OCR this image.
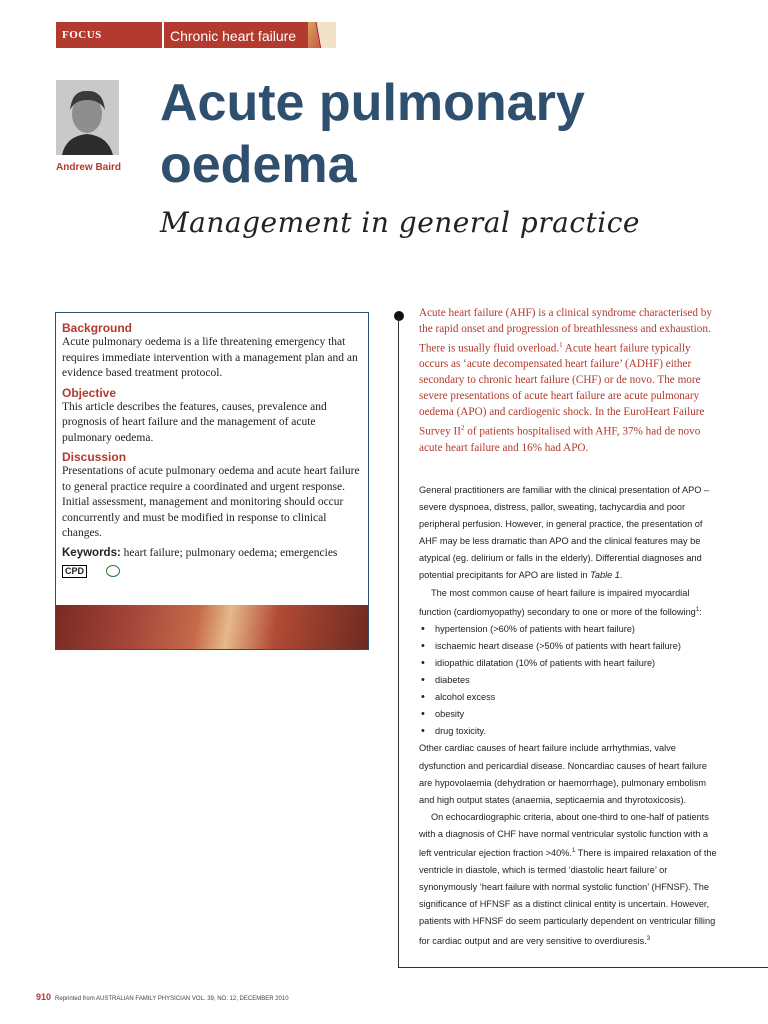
FOCUS	Chronic heart failure
Andrew Baird
Acute pulmonary oedema
Management in general practice
Background

Acute pulmonary oedema is a life threatening emergency that requires immediate intervention with a management plan and an evidence based treatment protocol.

Objective

This article describes the features, causes, prevalence and prognosis of heart failure and the management of acute pulmonary oedema.

Discussion

Presentations of acute pulmonary oedema and acute heart failure to general practice require a coordinated and urgent response. Initial assessment, management and monitoring should occur concurrently and must be modified in response to clinical changes.

Keywords: heart failure; pulmonary oedema; emergencies

CPD

Acute heart failure (AHF) is a clinical syndrome characterised by the rapid onset and progression of breathlessness and exhaustion. There is usually fluid overload.$^1$ Acute heart failure typically occurs as ‘acute decompensated heart failure’ (ADHF) either secondary to chronic heart failure (CHF) or de novo. The more severe presentations of acute heart failure are acute pulmonary oedema (APO) and cardiogenic shock. In the EuroHeart Failure Survey $II^2$ of patients hospitalised with AHF, 37% had de novo acute heart failure and 16% had APO.

General practitioners are familiar with the clinical presentation of APO – severe dyspnoea, distress, pallor, sweating, tachycardia and poor peripheral perfusion. However, in general practice, the presentation of AHF may be less dramatic than APO and the clinical features may be atypical (eg. delirium or falls in the elderly). Differential diagnoses and potential precipitants for APO are listed in Table 1.

The most common cause of heart failure is impaired myocardial function (cardiomyopathy) secondary to one or more of the following$^1$:

• hypertension (>60% of patients with heart failure)
• ischaemic heart disease (>50% of patients with heart failure)
• idiopathic dilatation (10% of patients with heart failure)
• diabetes
• alcohol excess
• obesity
• drug toxicity.

Other cardiac causes of heart failure include arrhythmias, valve dysfunction and pericardial disease. Noncardiac causes of heart failure are hypovolaemia (dehydration or haemorrhage), pulmonary embolism and high output states (anaemia, septicaemia and thyrotoxicosis).

On echocardiographic criteria, about one-third to one-half of patients with a diagnosis of CHF have normal ventricular systolic function with a left ventricular ejection fraction >40%.$^1$ There is impaired relaxation of the ventricle in diastole, which is termed ‘diastolic heart failure’ or synonymously ‘heart failure with normal systolic function’ (HFNSF). The significance of HFNSF as a distinct clinical entity is uncertain. However, patients with HFNSF do seem particularly dependent on ventricular filling for cardiac output and are very sensitive to overdiuresis.$^3$

910 Reprinted from AUSTRALIAN FAMILY PHYSICIAN VOL. 39, NO. 12, DECEMBER 2010
